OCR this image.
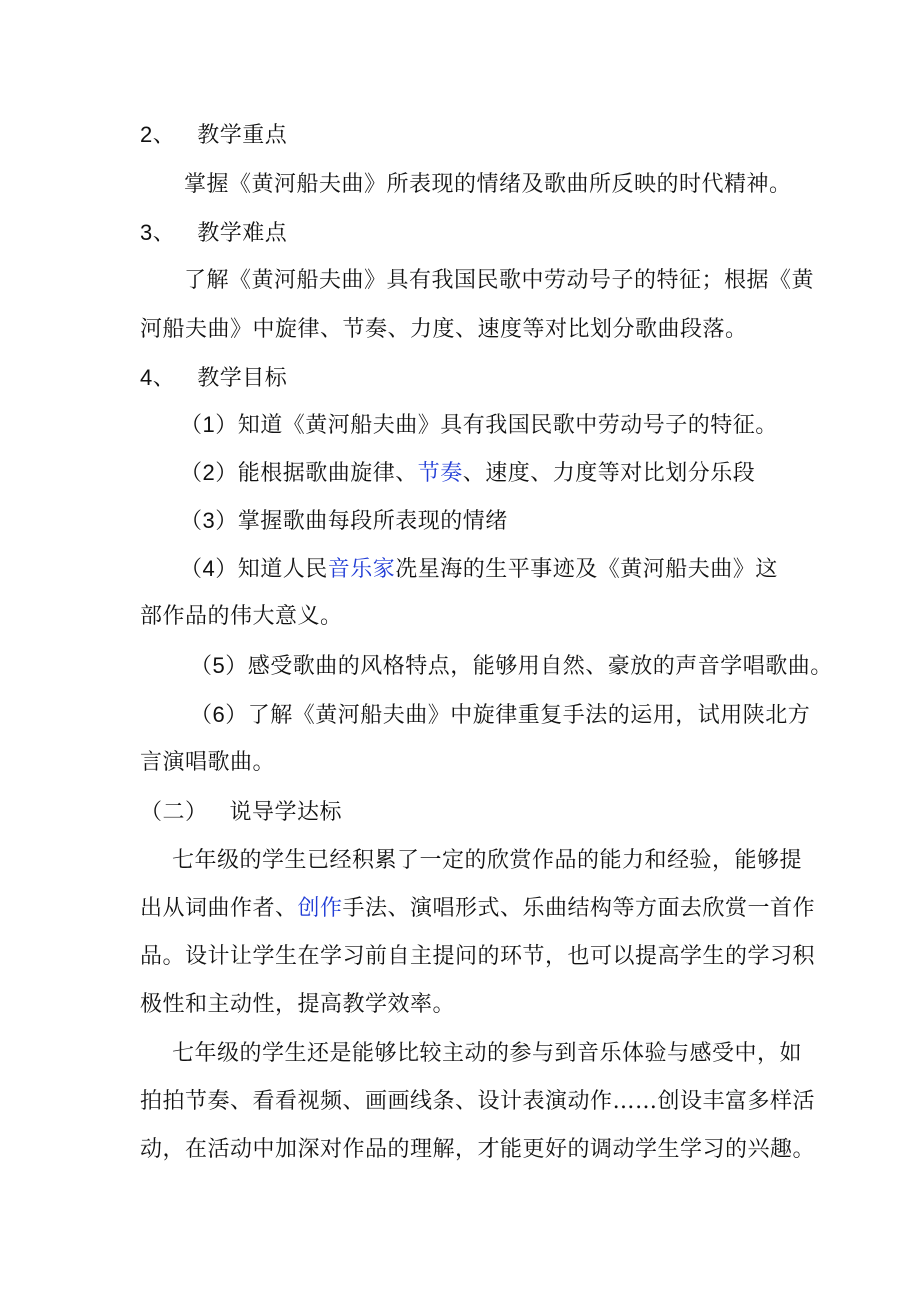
2、 教学重点
掌握《黄河船夫曲》所表现的情绪及歌曲所反映的时代精神。
3、 教学难点
了解《黄河船夫曲》具有我国民歌中劳动号子的特征；根据《黄
河船夫曲》中旋律、节奏、力度、速度等对比划分歌曲段落。
4、 教学目标
（1）知道《黄河船夫曲》具有我国民歌中劳动号子的特征。
（2）能根据歌曲旋律、节奏、速度、力度等对比划分乐段
（3）掌握歌曲每段所表现的情绪
（4）知道人民音乐家冼星海的生平事迹及《黄河船夫曲》这
部作品的伟大意义。
（5）感受歌曲的风格特点，能够用自然、豪放的声音学唱歌曲。
（6）了解《黄河船夫曲》中旋律重复手法的运用，试用陕北方
言演唱歌曲。
（二） 说导学达标
七年级的学生已经积累了一定的欣赏作品的能力和经验，能够提
出从词曲作者、创作手法、演唱形式、乐曲结构等方面去欣赏一首作
品。设计让学生在学习前自主提问的环节，也可以提高学生的学习积
极性和主动性，提高教学效率。
七年级的学生还是能够比较主动的参与到音乐体验与感受中，如
拍拍节奏、看看视频、画画线条、设计表演动作……创设丰富多样活
动，在活动中加深对作品的理解，才能更好的调动学生学习的兴趣。
